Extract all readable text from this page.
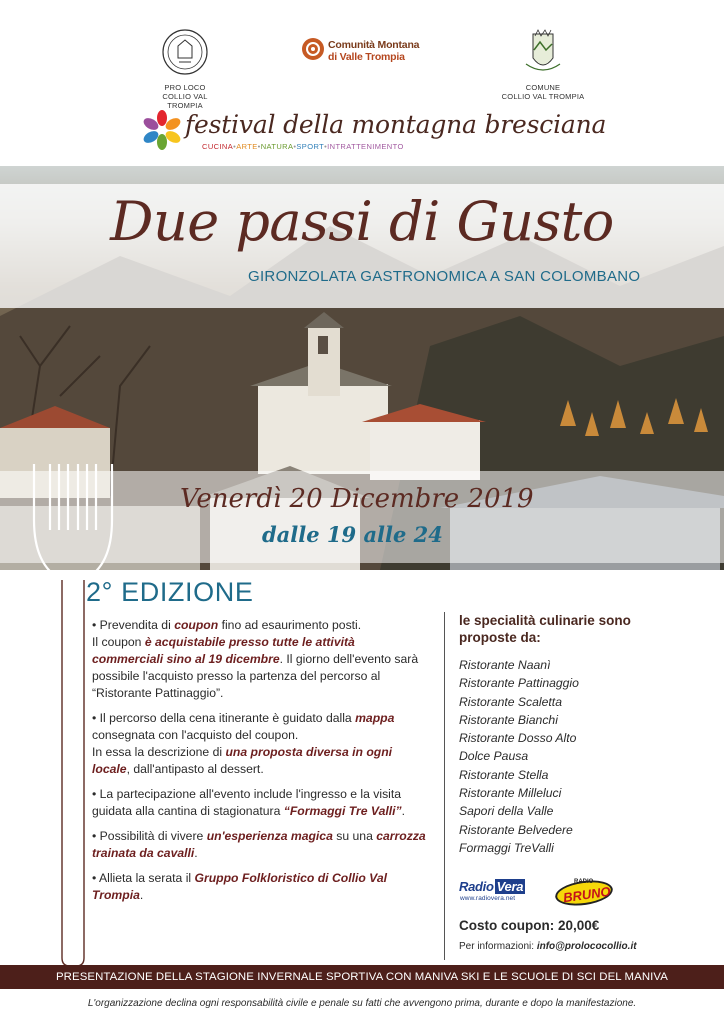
PRO LOCO
COLLIO VAL TROMPIA
Comunità Montana
di Valle Trompia
COMUNE
COLLIO VAL TROMPIA
festival della montagna bresciana
CUCINA•ARTE•NATURA•SPORT•INTRATTENIMENTO
Due passi di Gusto
GIRONZOLATA GASTRONOMICA A SAN COLOMBANO
Venerdì 20 Dicembre 2019
dalle 19 alle 24
2° EDIZIONE

• Prevendita di coupon fino ad esaurimento posti.
Il coupon è acquistabile presso tutte le attività commerciali sino al 19 dicembre. Il giorno dell'evento sarà possibile l'acquisto presso la partenza del percorso al “Ristorante Pattinaggio”.

• Il percorso della cena itinerante è guidato dalla mappa consegnata con l'acquisto del coupon.
In essa la descrizione di una proposta diversa in ogni locale, dall'antipasto al dessert.

• La partecipazione all'evento include l'ingresso e la visita guidata alla cantina di stagionatura “Formaggi Tre Valli”.

• Possibilità di vivere un'esperienza magica su una carrozza trainata da cavalli.

• Allieta la serata il Gruppo Folkloristico di Collio Val Trompia.

le specialità culinarie sono proposte da:
Ristorante Naanì
Ristorante Pattinaggio
Ristorante Scaletta
Ristorante Bianchi
Ristorante Dosso Alto
Dolce Pausa
Ristorante Stella
Ristorante Milleluci
Sapori della Valle
Ristorante Belvedere
Formaggi TreValli
Radio Vera
www.radiovera.net
RADIO
BRUNO
Costo coupon: 20,00€
Per informazioni: info@prolococollio.it
PRESENTAZIONE DELLA STAGIONE INVERNALE SPORTIVA CON MANIVA SKI E LE SCUOLE DI SCI DEL MANIVA
L'organizzazione declina ogni responsabilità civile e penale su fatti che avvengono prima, durante e dopo la manifestazione.
